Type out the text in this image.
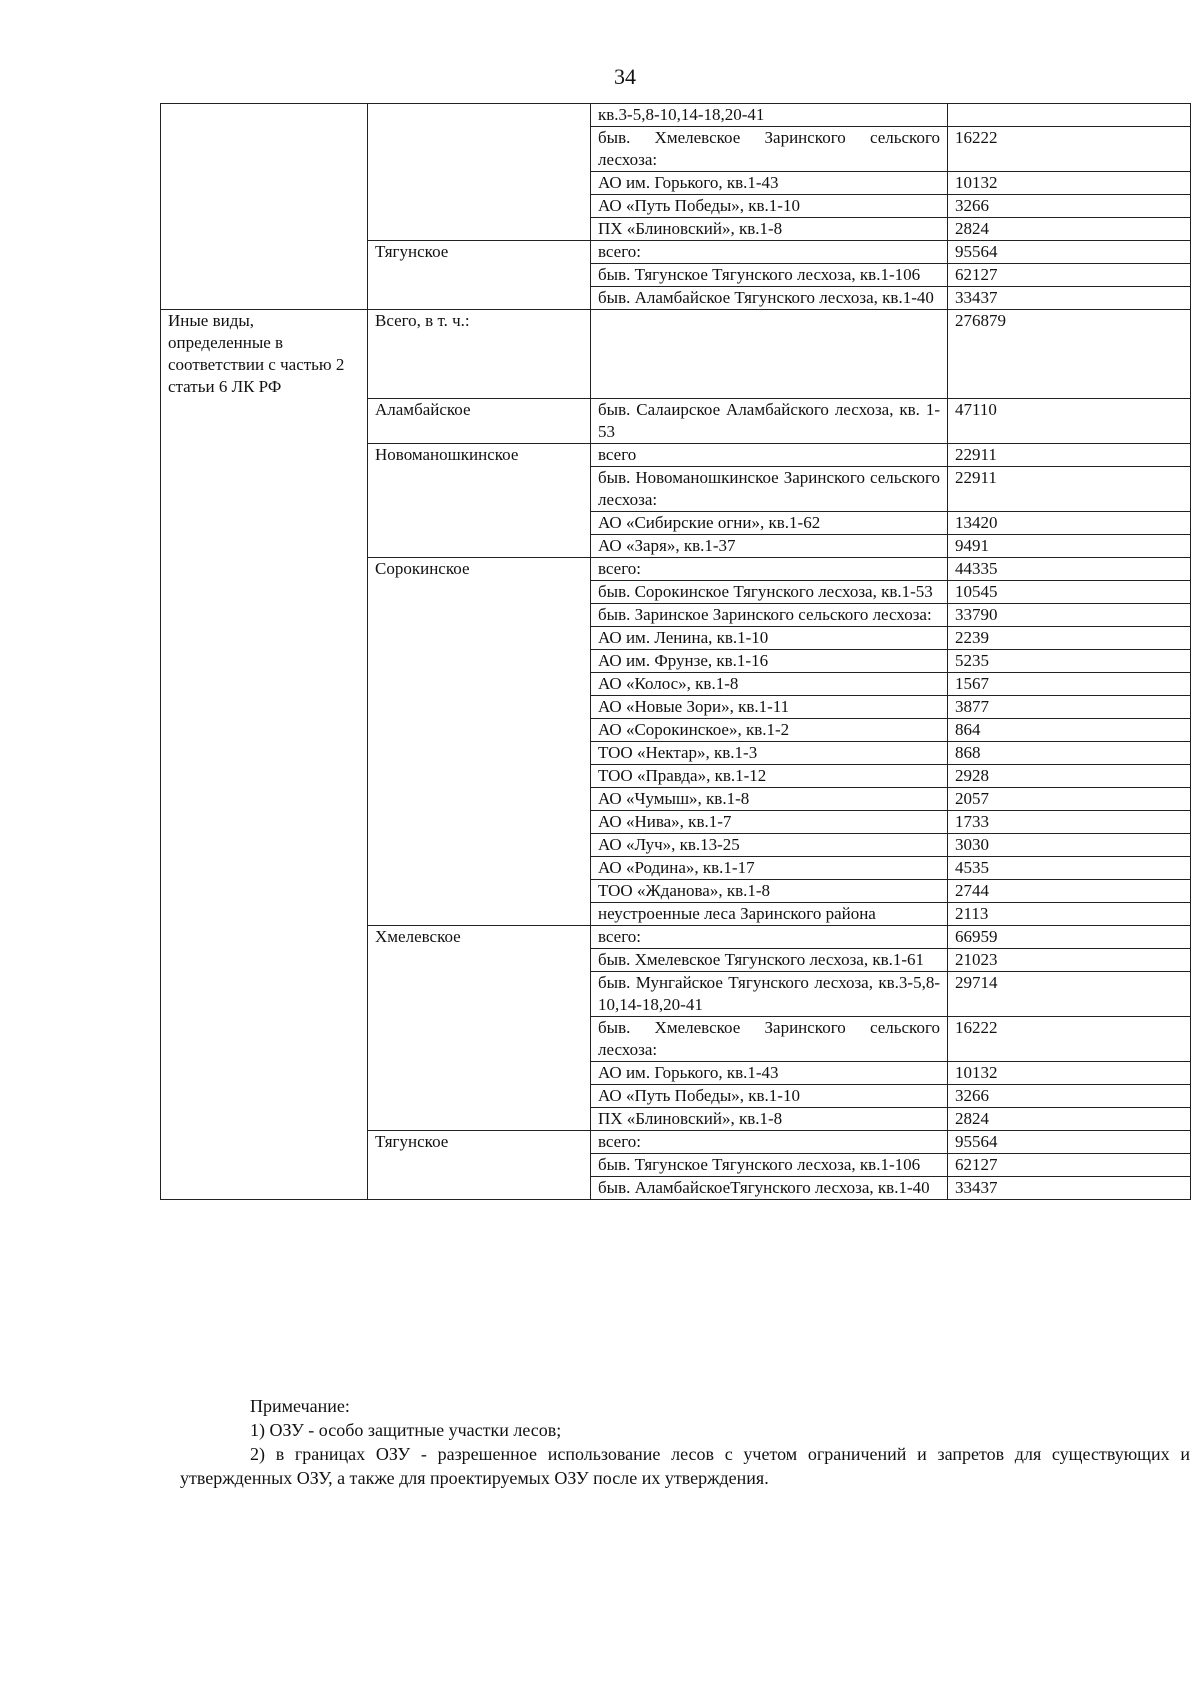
34
		кв.3-5,8-10,14-18,20-41	
		быв. Хмелевское Заринского сельского лесхоза:	16222
		АО им. Горького, кв.1-43	10132
		АО «Путь Победы», кв.1-10	3266
		ПХ «Блиновский», кв.1-8	2824
	Тягунское	всего:	95564
		быв. Тягунское Тягунского лесхоза, кв.1-106	62127
		быв. Аламбайское Тягунского лесхоза, кв.1-40	33437
Иные виды, определенные в соответствии с частью 2 статьи 6 ЛК РФ	Всего, в т. ч.:		276879
	Аламбайское	быв. Салаирское Аламбайского лесхоза, кв. 1-53	47110
	Новоманошкинское	всего	22911
		быв. Новоманошкинское Заринского сельского лесхоза:	22911
		АО «Сибирские огни», кв.1-62	13420
		АО «Заря», кв.1-37	9491
	Сорокинское	всего:	44335
		быв. Сорокинское Тягунского лесхоза, кв.1-53	10545
		быв. Заринское Заринского сельского лесхоза:	33790
		АО им. Ленина, кв.1-10	2239
		АО им. Фрунзе, кв.1-16	5235
		АО «Колос», кв.1-8	1567
		АО «Новые Зори», кв.1-11	3877
		АО «Сорокинское», кв.1-2	864
		ТОО «Нектар», кв.1-3	868
		ТОО «Правда», кв.1-12	2928
		АО «Чумыш», кв.1-8	2057
		АО «Нива», кв.1-7	1733
		АО «Луч», кв.13-25	3030
		АО «Родина», кв.1-17	4535
		ТОО «Жданова», кв.1-8	2744
		неустроенные леса Заринского района	2113
	Хмелевское	всего:	66959
		быв. Хмелевское Тягунского лесхоза, кв.1-61	21023
		быв. Мунгайское Тягунского лесхоза, кв.3-5,8-10,14-18,20-41	29714
		быв. Хмелевское Заринского сельского лесхоза:	16222
		АО им. Горького, кв.1-43	10132
		АО «Путь Победы», кв.1-10	3266
		ПХ «Блиновский», кв.1-8	2824
	Тягунское	всего:	95564
		быв. Тягунское Тягунского лесхоза, кв.1-106	62127
		быв. АламбайскоеТягунского лесхоза, кв.1-40	33437
Примечание:
1) ОЗУ - особо защитные участки лесов;
2) в границах ОЗУ - разрешенное использование лесов с учетом ограничений и запретов для существующих и утвержденных ОЗУ, а также для проектируемых ОЗУ после их утверждения.
